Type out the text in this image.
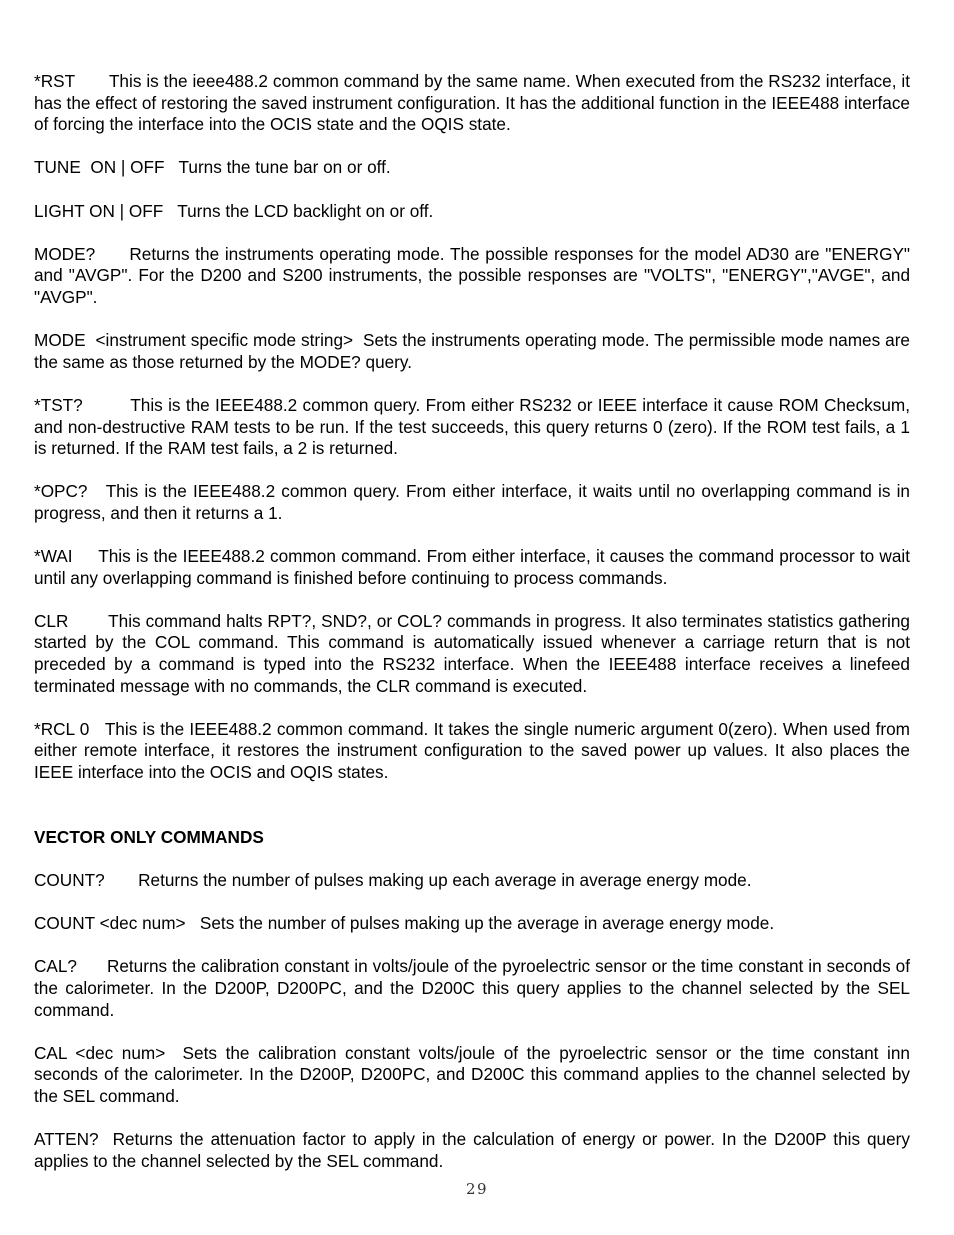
*RST This is the ieee488.2 common command by the same name. When executed from the RS232 interface, it has the effect of restoring the saved instrument configuration. It has the additional function in the IEEE488 interface of forcing the interface into the OCIS state and the OQIS state.

TUNE  ON | OFF Turns the tune bar on or off.

LIGHT ON | OFF Turns the LCD backlight on or off.

MODE? Returns the instruments operating mode. The possible responses for the model AD30 are "ENERGY" and "AVGP". For the D200 and S200 instruments, the possible responses are "VOLTS", "ENERGY","AVGE", and "AVGP".

MODE  <instrument specific mode string> Sets the instruments operating mode. The permissible mode names are the same as those returned by the MODE? query.

*TST?	This is the IEEE488.2 common query. From either RS232 or IEEE interface it cause ROM Checksum, and non-destructive RAM tests to be run. If the test succeeds, this query returns 0 (zero). If the ROM test fails, a 1 is returned. If the RAM test fails, a 2 is returned.

*OPC? This is the IEEE488.2 common query. From either interface, it waits until no overlapping command is in progress, and then it returns a 1.

*WAI This is the IEEE488.2 common command. From either interface, it causes the command processor to wait until any overlapping command is finished before continuing to process commands.

CLR This command halts RPT?, SND?, or COL? commands in progress. It also terminates statistics gathering started by the COL command. This command is automatically issued whenever a carriage return that is not preceded by a command is typed into the RS232 interface. When the IEEE488 interface receives a linefeed terminated message with no commands, the CLR command is executed.

*RCL 0 This is the IEEE488.2 common command. It takes the single numeric argument 0(zero). When used from either remote interface, it restores the instrument configuration to the saved power up values. It also places the IEEE interface into the OCIS and OQIS states.

VECTOR ONLY COMMANDS

COUNT? Returns the number of pulses making up each average in average energy mode.

COUNT <dec num> Sets the number of pulses making up the average in average energy mode.

CAL? Returns the calibration constant in volts/joule of the pyroelectric sensor or the time constant in seconds of the calorimeter. In the D200P, D200PC, and the D200C this query applies to the channel selected by the SEL command.

CAL <dec num> Sets the calibration constant volts/joule of the pyroelectric sensor or the time constant inn seconds of the calorimeter. In the D200P, D200PC, and D200C this command applies to the channel selected by the SEL command.

ATTEN? Returns the attenuation factor to apply in the calculation of energy or power. In the D200P this query applies to the channel selected by the SEL command.

29
